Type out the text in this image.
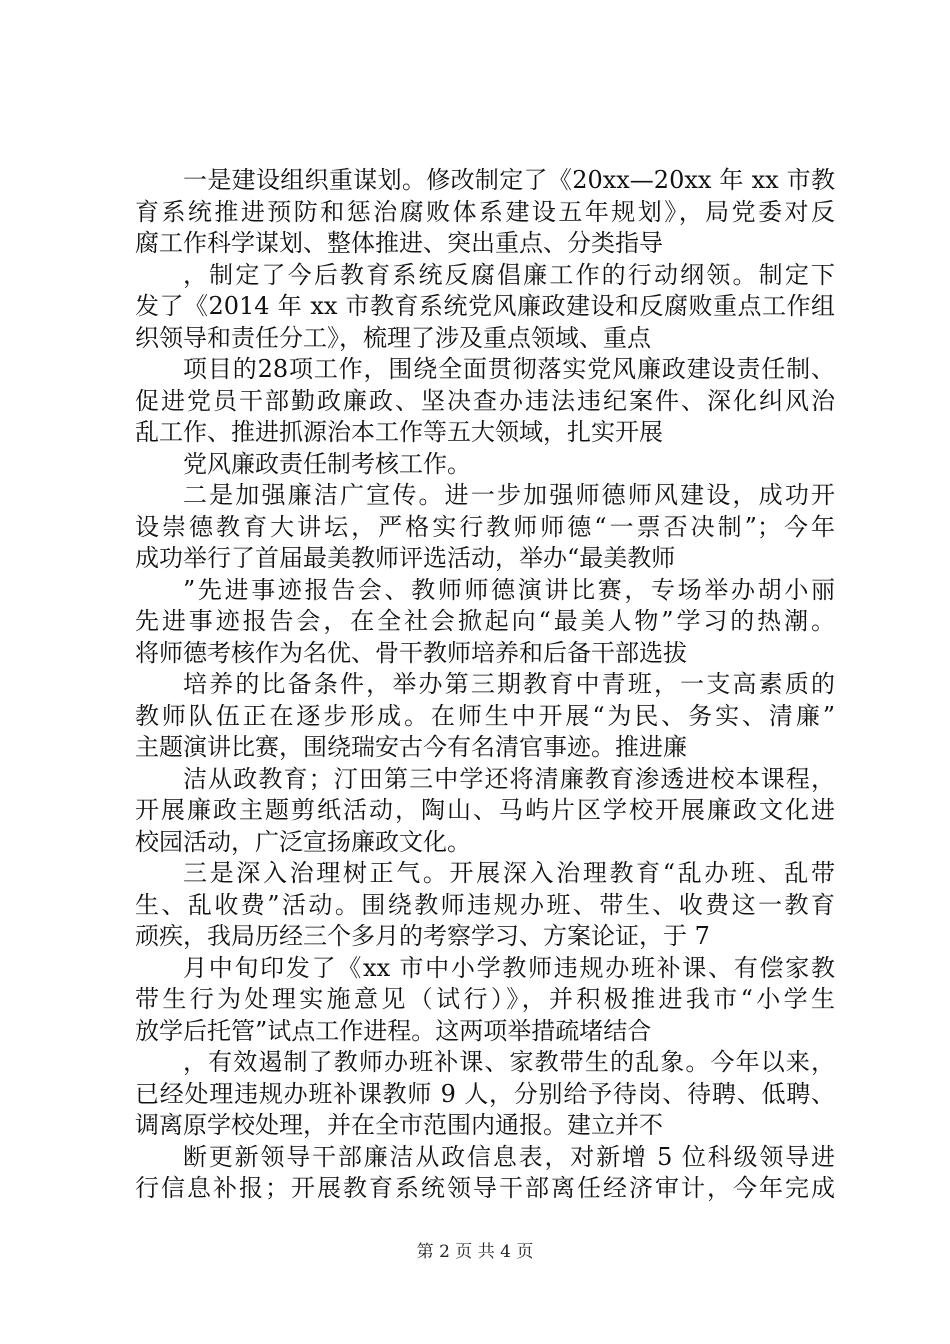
一是建设组织重谋划。修改制定了《20xx—20xx 年 xx 市教
育系统推进预防和惩治腐败体系建设五年规划》，局党委对反
腐工作科学谋划、整体推进、突出重点、分类指导
，制定了今后教育系统反腐倡廉工作的行动纲领。制定下
发了《2014 年 xx 市教育系统党风廉政建设和反腐败重点工作组
织领导和责任分工》，梳理了涉及重点领域、重点
项目的28项工作，围绕全面贯彻落实党风廉政建设责任制、
促进党员干部勤政廉政、坚决查办违法违纪案件、深化纠风治
乱工作、推进抓源治本工作等五大领域，扎实开展
党风廉政责任制考核工作。
二是加强廉洁广宣传。进一步加强师德师风建设，成功开
设崇德教育大讲坛，严格实行教师师德“一票否决制”；今年
成功举行了首届最美教师评选活动，举办“最美教师
”先进事迹报告会、教师师德演讲比赛，专场举办胡小丽
先进事迹报告会，在全社会掀起向“最美人物”学习的热潮。
将师德考核作为名优、骨干教师培养和后备干部选拔
培养的比备条件，举办第三期教育中青班，一支高素质的
教师队伍正在逐步形成。在师生中开展“为民、务实、清廉”
主题演讲比赛，围绕瑞安古今有名清官事迹。推进廉
洁从政教育；汀田第三中学还将清廉教育渗透进校本课程，
开展廉政主题剪纸活动，陶山、马屿片区学校开展廉政文化进
校园活动，广泛宣扬廉政文化。
三是深入治理树正气。开展深入治理教育“乱办班、乱带
生、乱收费”活动。围绕教师违规办班、带生、收费这一教育
顽疾，我局历经三个多月的考察学习、方案论证，于 7
月中旬印发了《xx 市中小学教师违规办班补课、有偿家教
带生行为处理实施意见（试行）》，并积极推进我市“小学生
放学后托管”试点工作进程。这两项举措疏堵结合
，有效遏制了教师办班补课、家教带生的乱象。今年以来，
已经处理违规办班补课教师 9 人，分别给予待岗、待聘、低聘、
调离原学校处理，并在全市范围内通报。建立并不
断更新领导干部廉洁从政信息表，对新增 5 位科级领导进
行信息补报；开展教育系统领导干部离任经济审计，今年完成
第 2 页 共 4 页
